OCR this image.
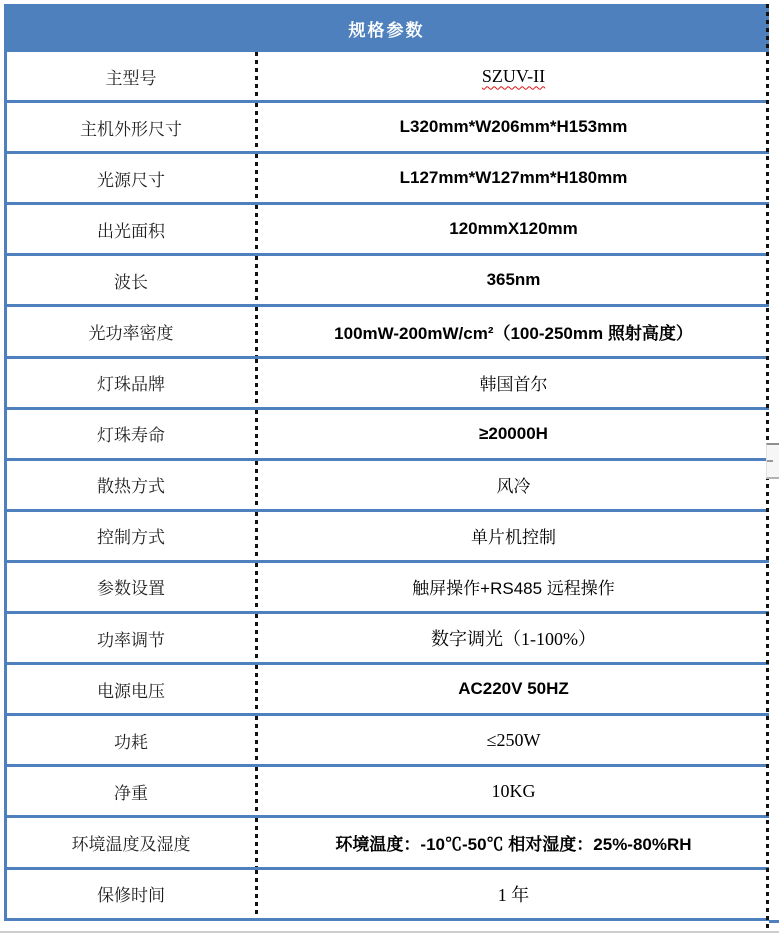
规格参数
主型号	SZUV-II
主机外形尺寸	L320mm*W206mm*H153mm
光源尺寸	L127mm*W127mm*H180mm
出光面积	120mmX120mm
波长	365nm
光功率密度	100mW-200mW/cm²（100-250mm 照射高度）
灯珠品牌	韩国首尔
灯珠寿命	≥20000H
散热方式	风冷
控制方式	单片机控制
参数设置	触屏操作+RS485 远程操作
功率调节	数字调光（1-100%）
电源电压	AC220V 50HZ
功耗	≤250W
净重	10KG
环境温度及湿度	环境温度：-10℃-50℃ 相对湿度：25%-80%RH
保修时间	1 年
